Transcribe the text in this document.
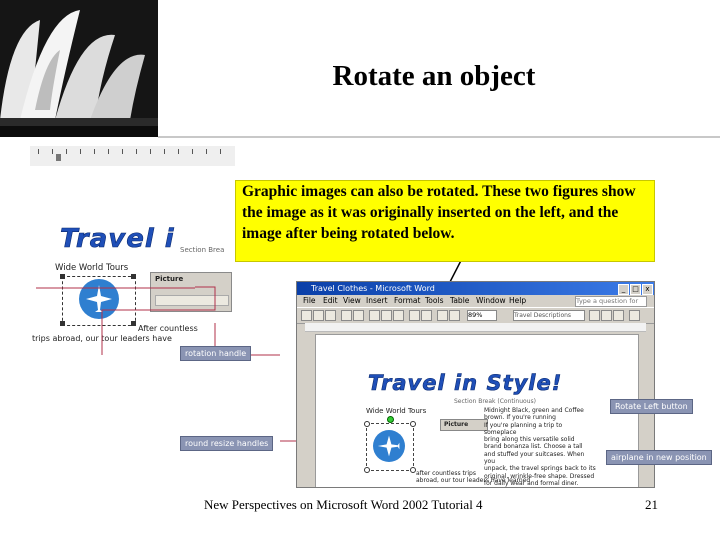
Rotate an object
Travel i Section Brea
Wide World Tours
Picture
After countless
trips abroad, our tour leaders have
rotation handle
round resize handles
Graphic images can also be rotated. These two figures show the image as it was originally inserted on the left, and the image after being rotated below.
Travel Clothes - Microsoft Word	_ □ x
File Edit View Insert Format Tools Table Window Help	Type a question for
89%	Travel Descriptions
Travel in Style!
Section Break (Continuous)
Wide World Tours
Picture
Midnight Black, green and Coffee
brown. If you're running
If you're planning a trip to someplace
bring along this versatile solid
brand bonanza list. Choose a tall
and stuffed your suitcases. When you
unpack, the travel springs back to its
original, wrinkle-free shape. Dressed
for daily wear and formal diner.
after countless trips
abroad, our tour leaders have learned
Rotate Left button
airplane in new position
New Perspectives on Microsoft Word 2002 Tutorial 4	21
